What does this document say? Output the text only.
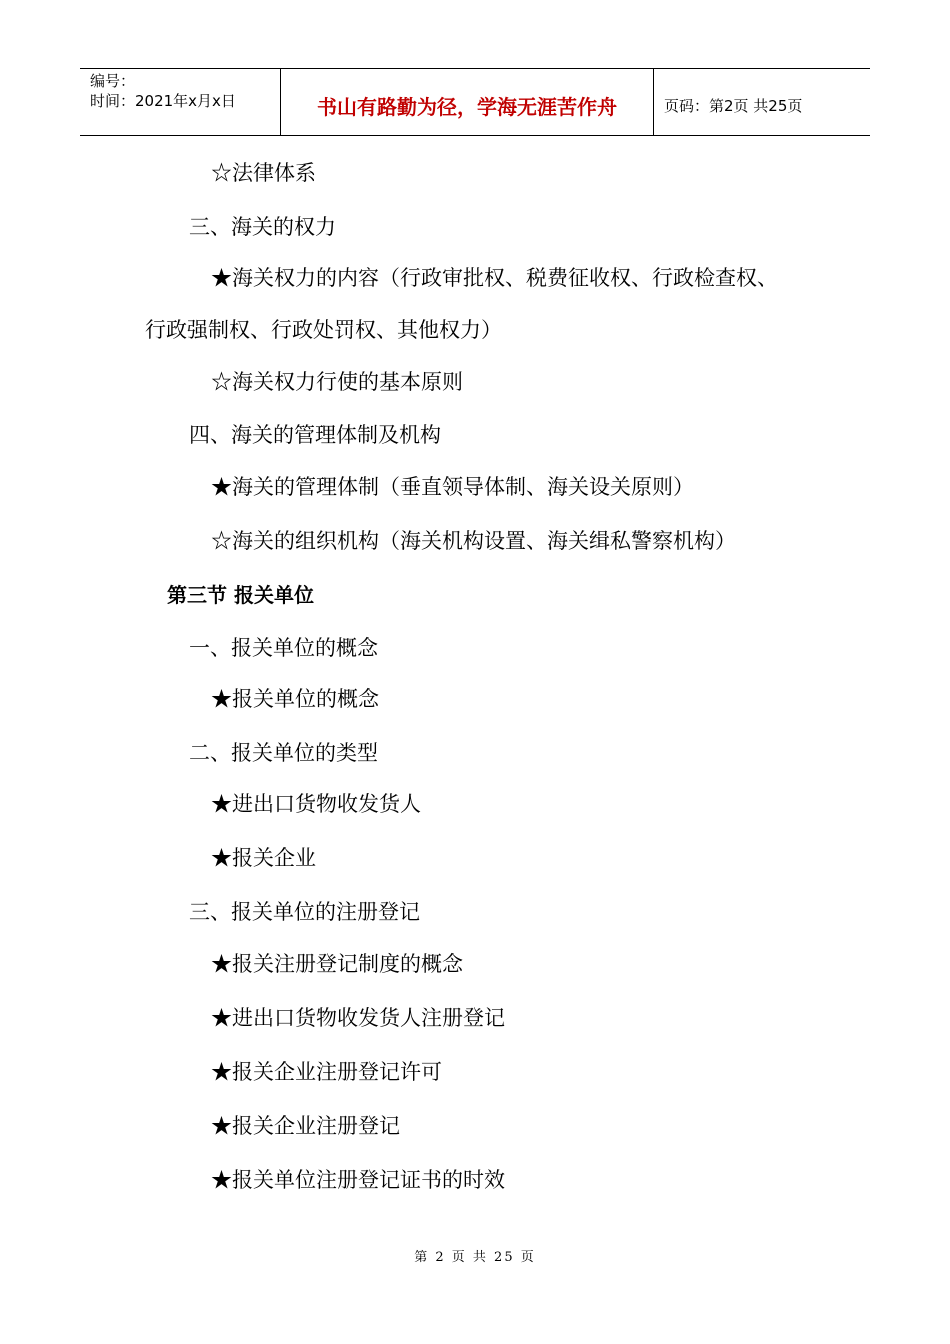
编号：
时间：2021年x月x日	书山有路勤为径，学海无涯苦作舟	页码：第2页 共25页
☆法律体系
三、海关的权力
★海关权力的内容（行政审批权、税费征收权、行政检查权、
行政强制权、行政处罚权、其他权力）
☆海关权力行使的基本原则
四、海关的管理体制及机构
★海关的管理体制（垂直领导体制、海关设关原则）
☆海关的组织机构（海关机构设置、海关缉私警察机构）
第三节 报关单位
一、报关单位的概念
★报关单位的概念
二、报关单位的类型
★进出口货物收发货人
★报关企业
三、报关单位的注册登记
★报关注册登记制度的概念
★进出口货物收发货人注册登记
★报关企业注册登记许可
★报关企业注册登记
★报关单位注册登记证书的时效
第 2 页 共 25 页
